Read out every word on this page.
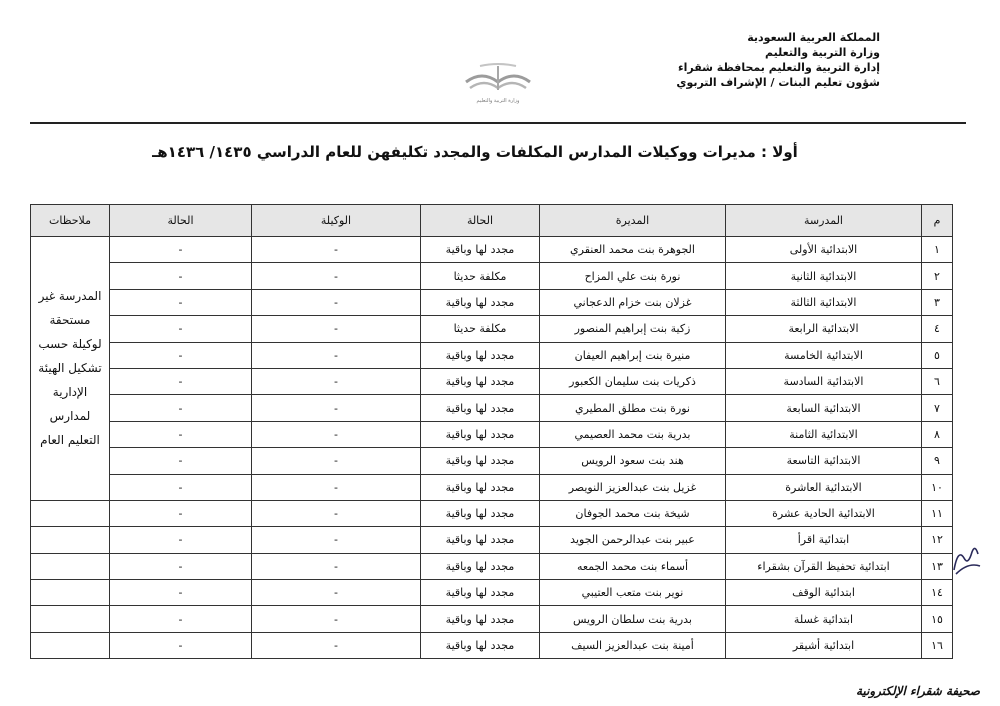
المملكة العربية السعودية
وزارة التربية والتعليم
إدارة التربية والتعليم بمحافظة شقراء
شؤون تعليم البنات / الإشراف التربوي
وزارة التربية والتعليم
أولا : مديرات ووكيلات المدارس المكلفات والمجدد تكليفهن للعام الدراسي ١٤٣٥/ ١٤٣٦هـ
م	المدرسة	المديرة	الحالة	الوكيلة	الحالة	ملاحظات
١	الابتدائية الأولى	الجوهرة بنت محمد العنقري	مجدد لها وباقية	-	-	المدرسة غير مستحقة لوكيلة حسب تشكيل الهيئة الإدارية لمدارس التعليم العام
٢	الابتدائية الثانية	نورة بنت علي المزاح	مكلفة حديثا	-	-	
٣	الابتدائية الثالثة	غزلان بنت خزام الدعجاني	مجدد لها وباقية	-	-	
٤	الابتدائية الرابعة	زكية بنت إبراهيم المنصور	مكلفة حديثا	-	-	
٥	الابتدائية الخامسة	منيرة بنت إبراهيم العيفان	مجدد لها وباقية	-	-	
٦	الابتدائية السادسة	ذكريات بنت سليمان الكعبور	مجدد لها وباقية	-	-	
٧	الابتدائية السابعة	نورة بنت مطلق المطيري	مجدد لها وباقية	-	-	
٨	الابتدائية الثامنة	بدرية بنت محمد العصيمي	مجدد لها وباقية	-	-	
٩	الابتدائية التاسعة	هند بنت سعود الرويس	مجدد لها وباقية	-	-	
١٠	الابتدائية العاشرة	غزيل بنت عبدالعزيز النويصر	مجدد لها وباقية	-	-	
١١	الابتدائية الحادية عشرة	شيخة بنت محمد الجوفان	مجدد لها وباقية	-	-	
١٢	ابتدائية اقرأ	عبير بنت عبدالرحمن الجويد	مجدد لها وباقية	-	-	
١٣	ابتدائية تحفيظ القرآن بشقراء	أسماء بنت محمد الجمعه	مجدد لها وباقية	-	-	
١٤	ابتدائية الوقف	نوير بنت متعب العتيبي	مجدد لها وباقية	-	-	
١٥	ابتدائية غسلة	بدرية بنت سلطان الرويس	مجدد لها وباقية	-	-	
١٦	ابتدائية أشيقر	أمينة بنت عبدالعزيز السيف	مجدد لها وباقية	-	-	
صحيفة شقراء الإلكترونية
